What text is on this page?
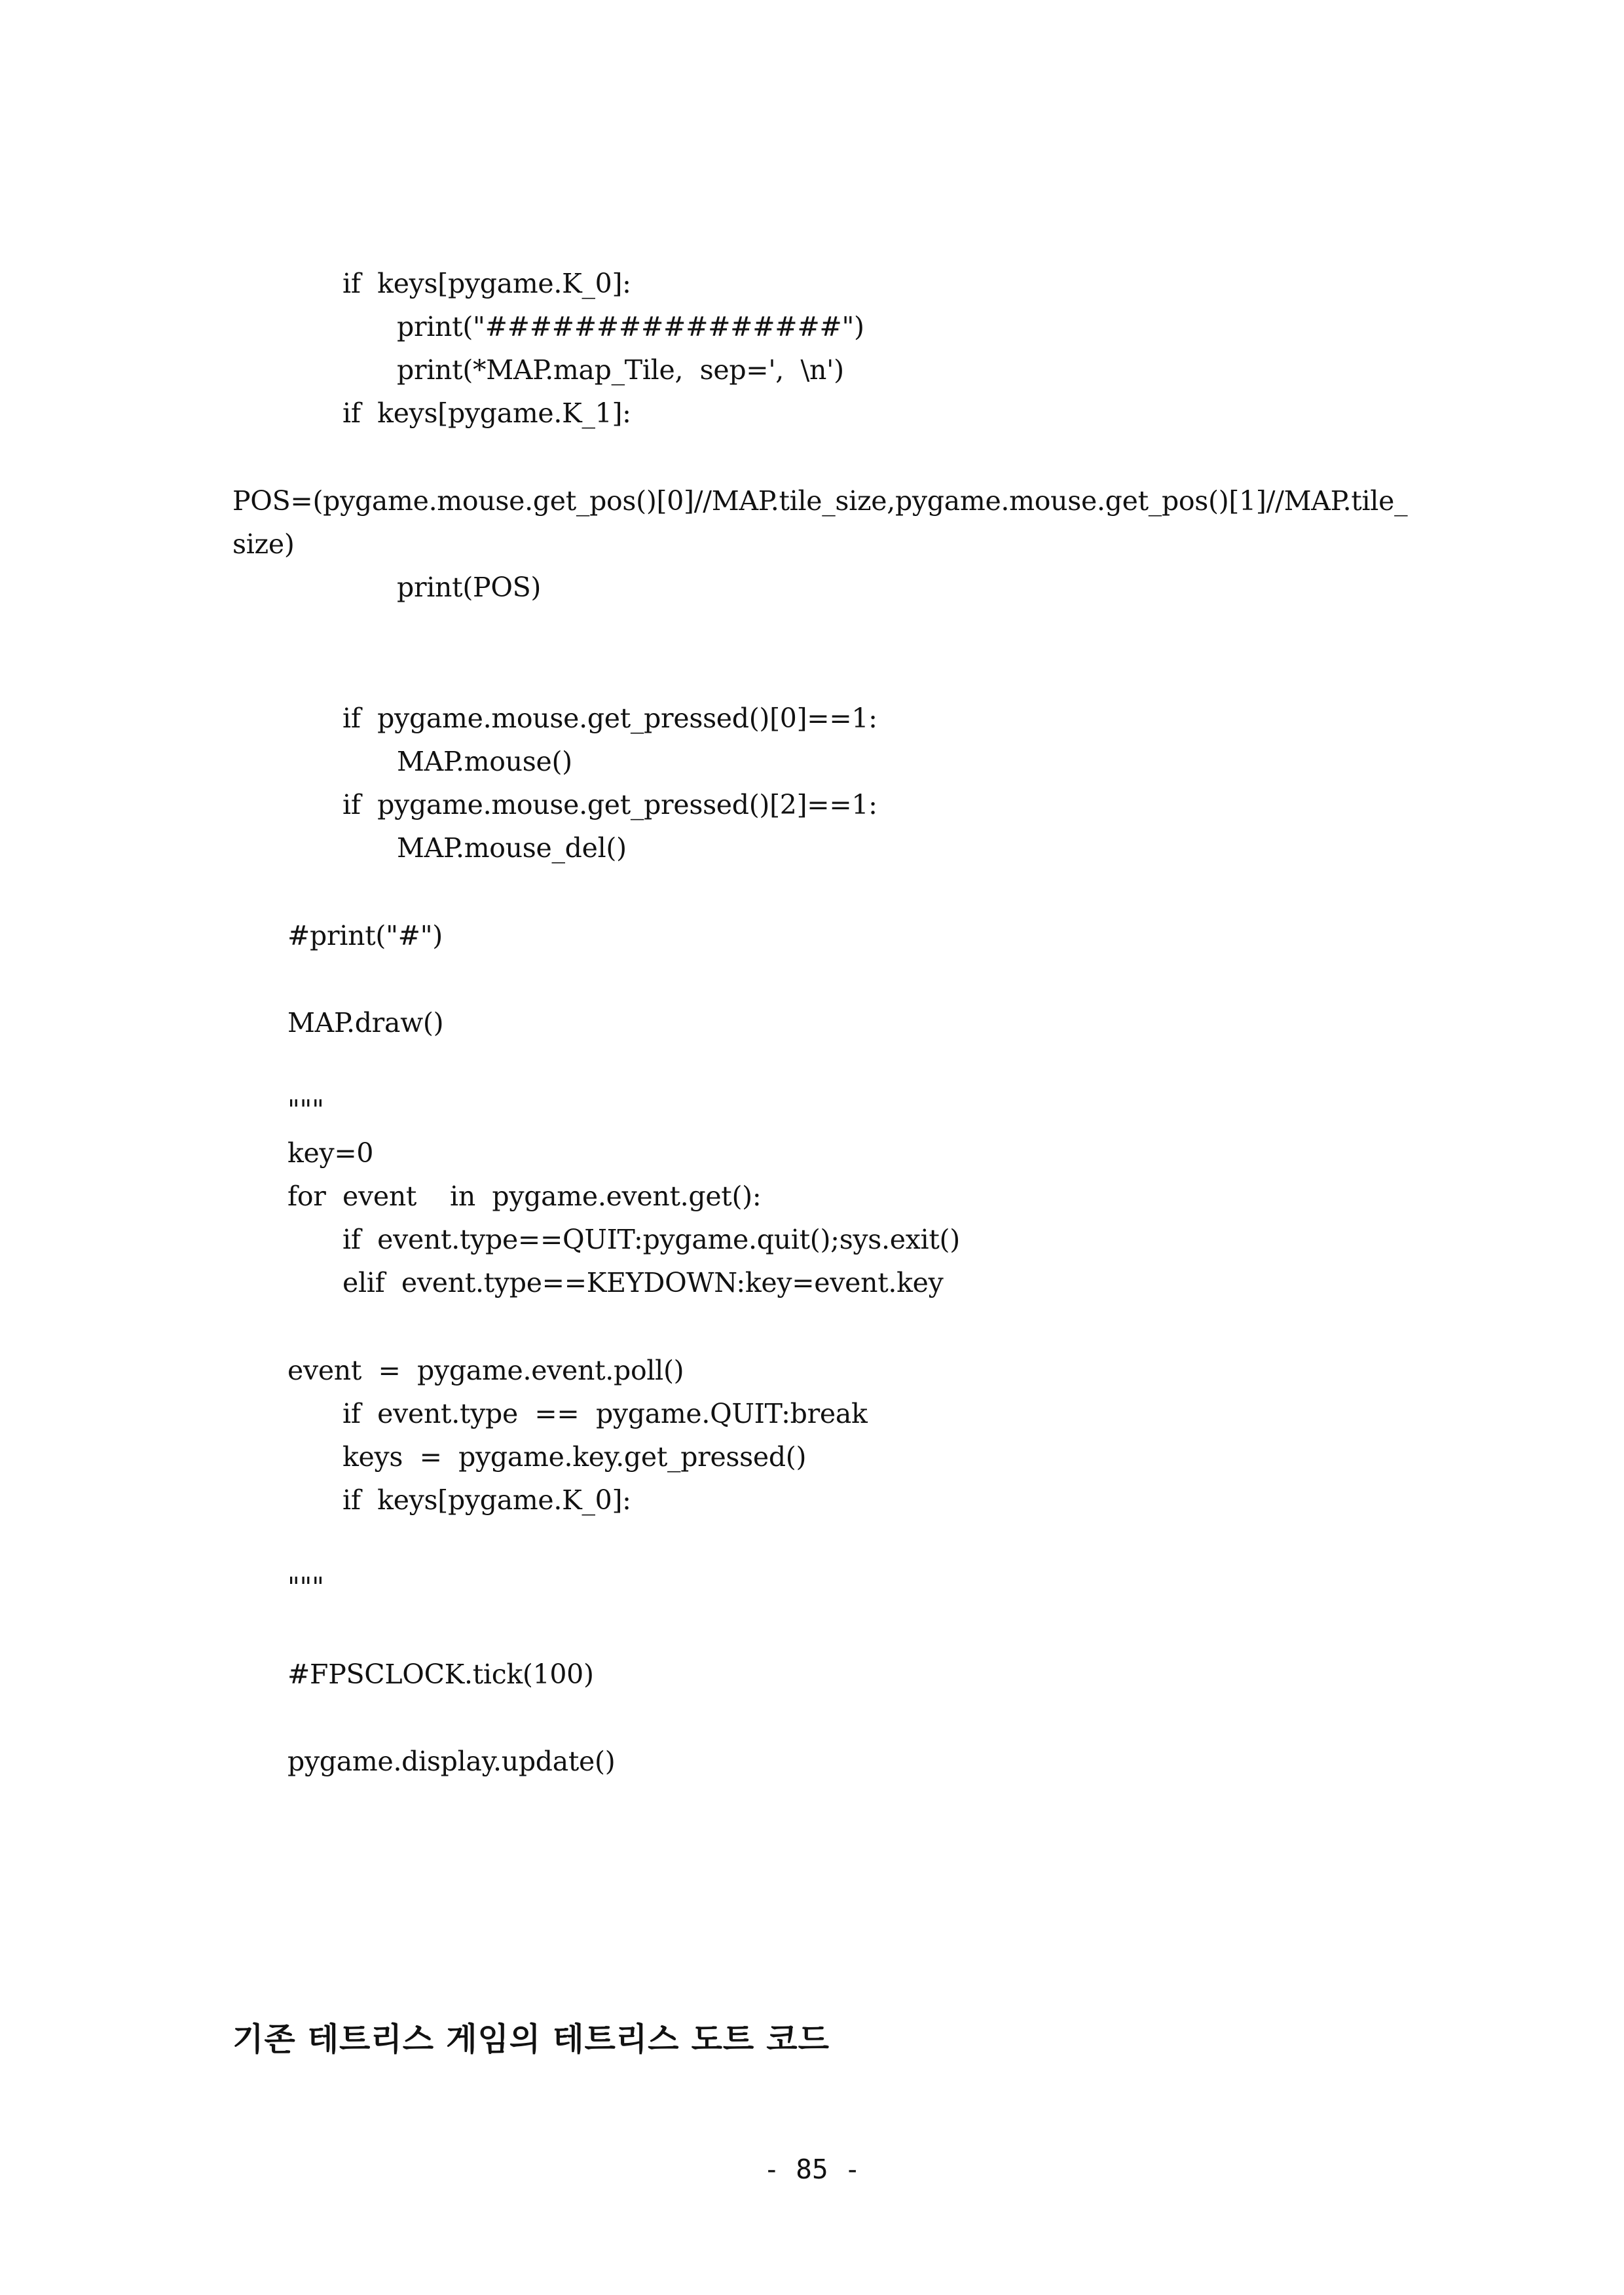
if  keys[pygame.K_0]:
print("################")
print(*MAP.map_Tile,  sep=',  \n')
if  keys[pygame.K_1]:
POS=(pygame.mouse.get_pos()[0]//MAP.tile_size,pygame.mouse.get_pos()[1]//MAP.tile_
size)
print(POS)
if  pygame.mouse.get_pressed()[0]==1:
MAP.mouse()
if  pygame.mouse.get_pressed()[2]==1:
MAP.mouse_del()
#print("#")
MAP.draw()
"""
key=0
for  event    in  pygame.event.get():
if  event.type==QUIT:pygame.quit();sys.exit()
elif  event.type==KEYDOWN:key=event.key
event  =  pygame.event.poll()
if  event.type  ==  pygame.QUIT:break
keys  =  pygame.key.get_pressed()
if  keys[pygame.K_0]:
"""
#FPSCLOCK.tick(100)
pygame.display.update()
기존 테트리스 게임의 테트리스 도트 코드
- 85 -
